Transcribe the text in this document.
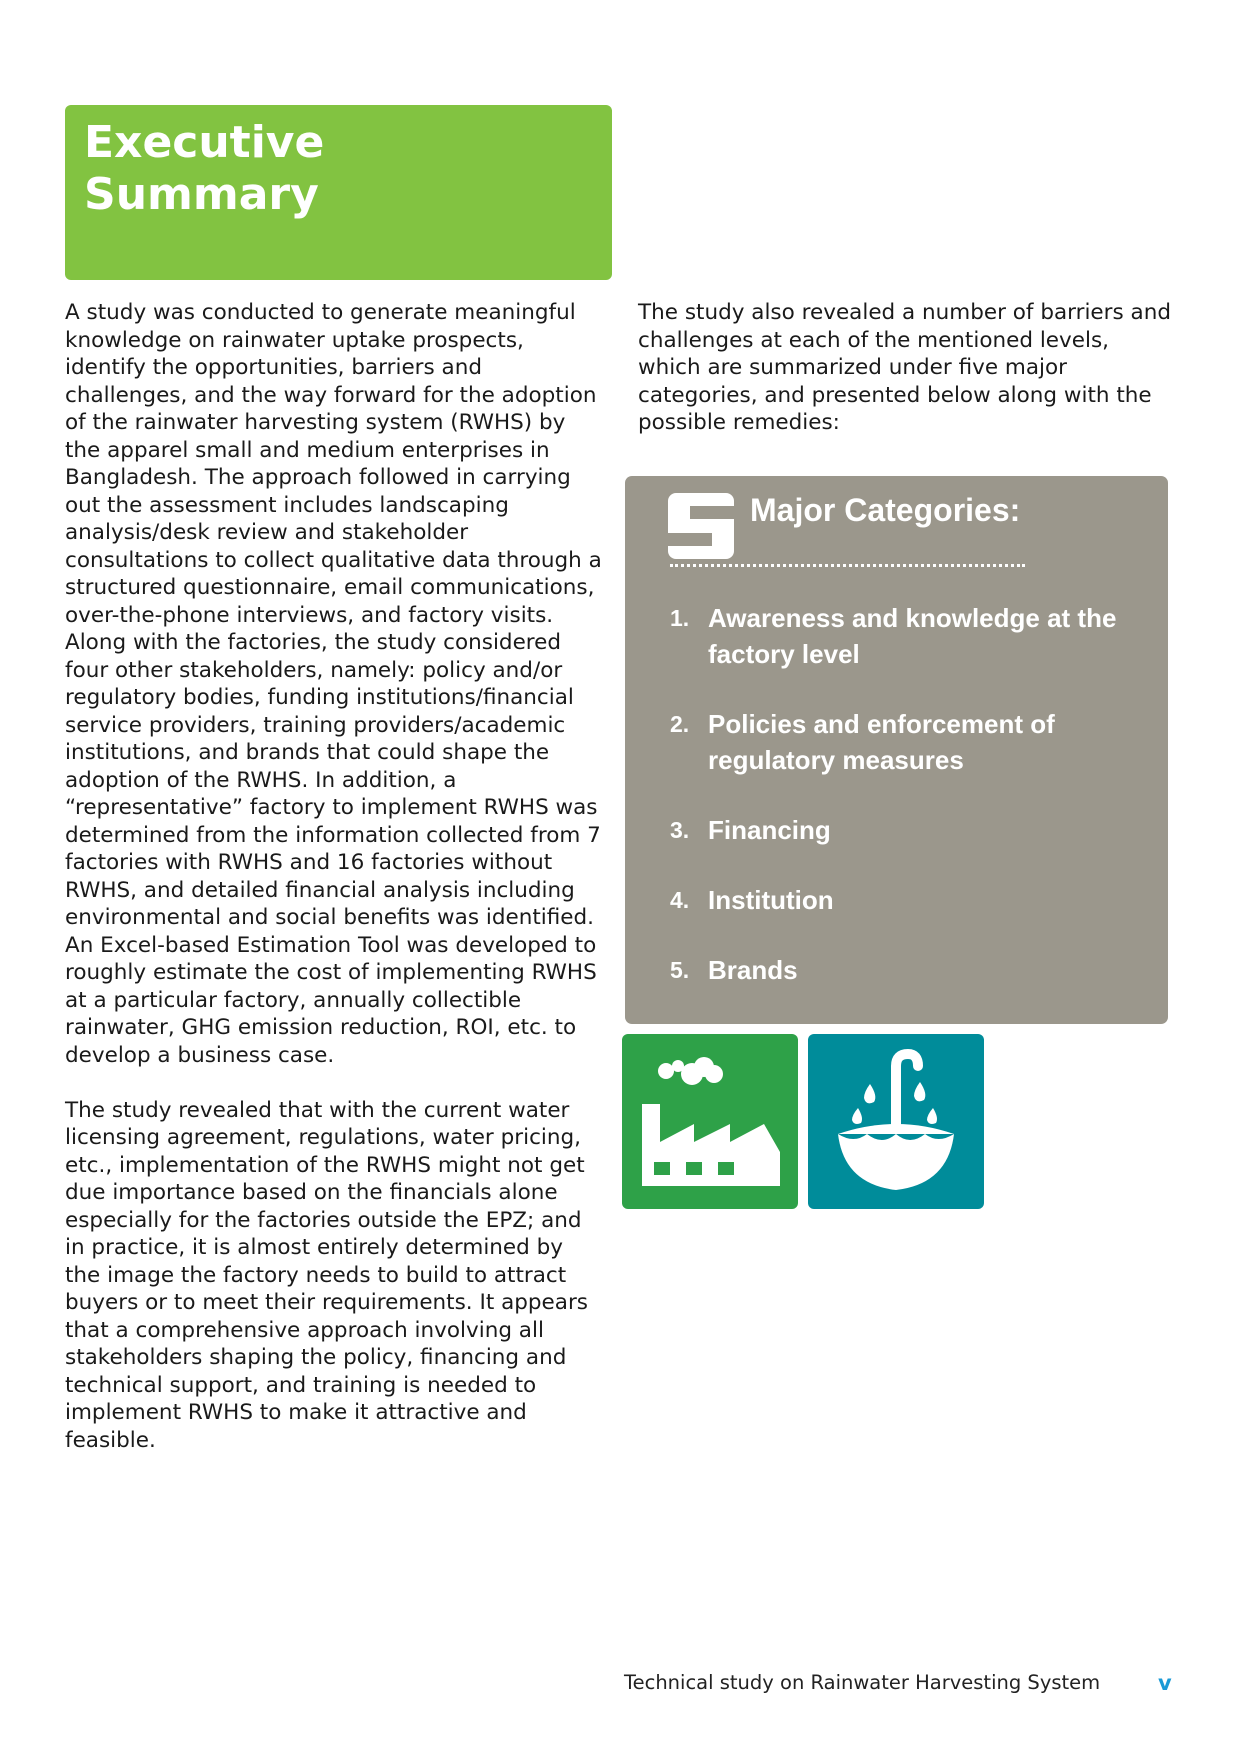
Executive
Summary

A study was conducted to generate meaningful knowledge on rainwater uptake prospects, identify the opportunities, barriers and challenges, and the way forward for the adoption of the rainwater harvesting system (RWHS) by the apparel small and medium enterprises in Bangladesh. The approach followed in carrying out the assessment includes landscaping analysis/desk review and stakeholder consultations to collect qualitative data through a structured questionnaire, email communications, over-the-phone interviews, and factory visits. Along with the factories, the study considered four other stakeholders, namely: policy and/or regulatory bodies, funding institutions/financial service providers, training providers/academic institutions, and brands that could shape the adoption of the RWHS. In addition, a “representative” factory to implement RWHS was determined from the information collected from 7 factories with RWHS and 16 factories without RWHS, and detailed financial analysis including environmental and social benefits was identified. An Excel-based Estimation Tool was developed to roughly estimate the cost of implementing RWHS at a particular factory, annually collectible rainwater, GHG emission reduction, ROI, etc. to develop a business case.

The study revealed that with the current water licensing agreement, regulations, water pricing, etc., implementation of the RWHS might not get due importance based on the financials alone especially for the factories outside the EPZ; and in practice, it is almost entirely determined by the image the factory needs to build to attract buyers or to meet their requirements. It appears that a comprehensive approach involving all stakeholders shaping the policy, financing and technical support, and training is needed to implement RWHS to make it attractive and feasible.

The study also revealed a number of barriers and challenges at each of the mentioned levels, which are summarized under five major categories, and presented below along with the possible remedies:

Major Categories:
1. Awareness and knowledge at the factory level
2. Policies and enforcement of regulatory measures
3. Financing
4. Institution
5. Brands
Technical study on Rainwater Harvesting System	v
